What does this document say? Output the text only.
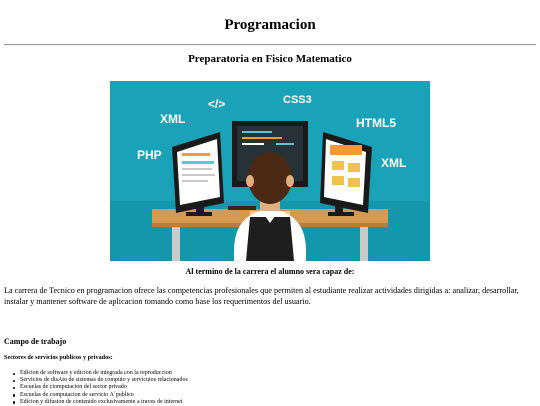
Programacion
Preparatoria en Fisico Matematico
XML
</>	CSS3
HTML5
PHP
XML

Al termino de la carrera el alumno sera capaz de:

La carrera de Tecnico en programacion ofrece las competencias profesionales que permiten al estudiante realizar actividades dirigidas a: analizar, desarrollar, instalar y mantener software de aplicacion tomando como base los requerimentos del usuario.

Campo de trabajo
Sectores de servicios publicos y privados:
Edicion de software y edicion de integrada con la reproduccion
Servicios de disAto de sistemas de computo y servicuios relacionados
Escuelas de ciomputacion del sector privado
Escuelas de computacion de servicio A´publico
Edicion y difusion de contenido exclusivamente a traves de internet
